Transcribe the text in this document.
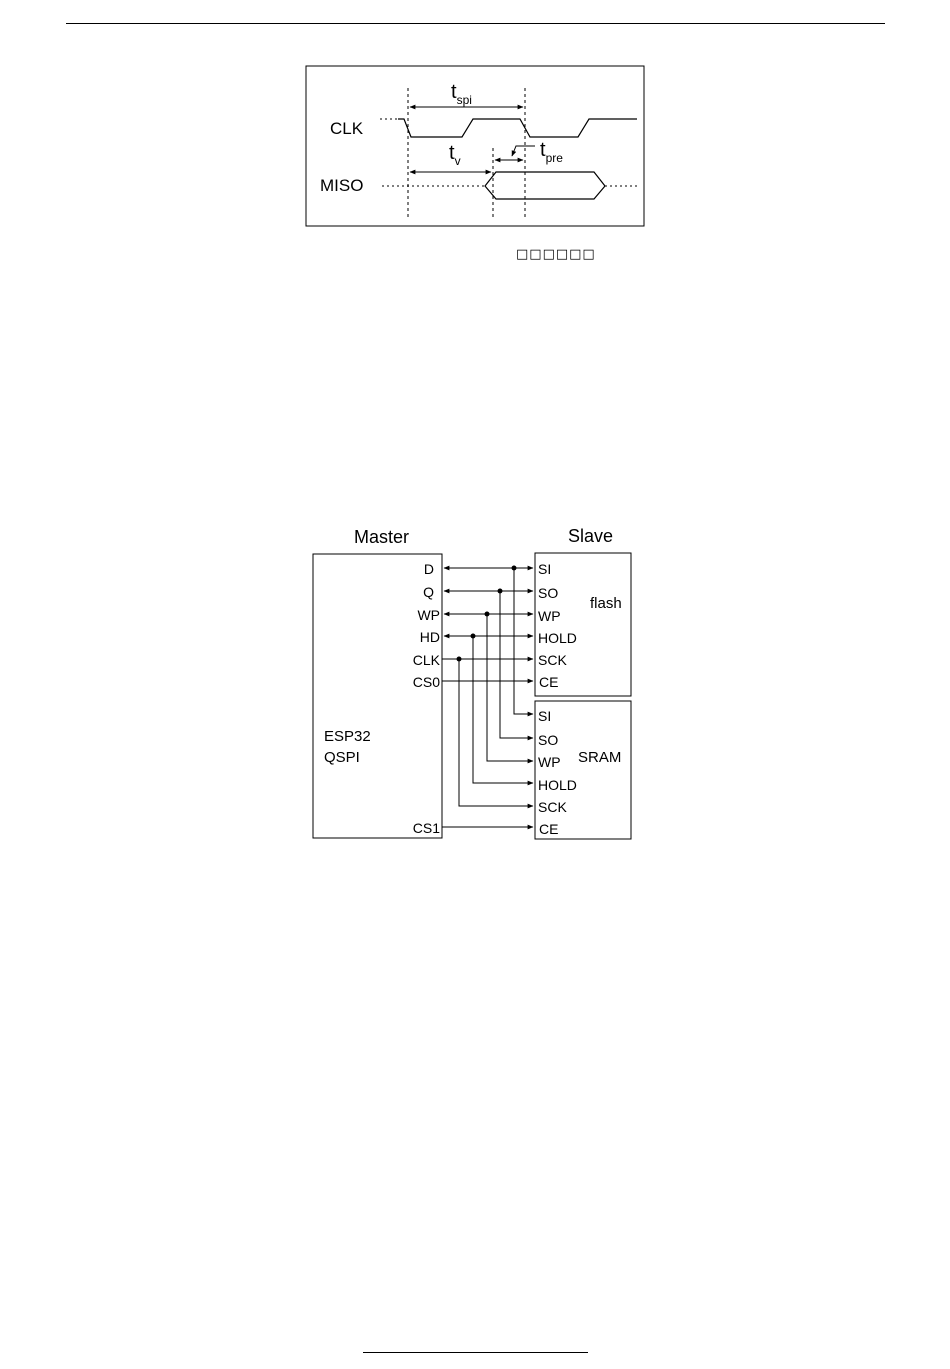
CLK
MISO
$t_{spi}$
$t_v$	$t_{pre}$
□□□□□□
Master	Slave
ESP32
QSPI
D
Q
WP
HD
CLK
CS0
CS1
SI
SO
WP
HOLD
SCK
CE
flash
SI
SO
WP
HOLD
SCK
CE
SRAM
